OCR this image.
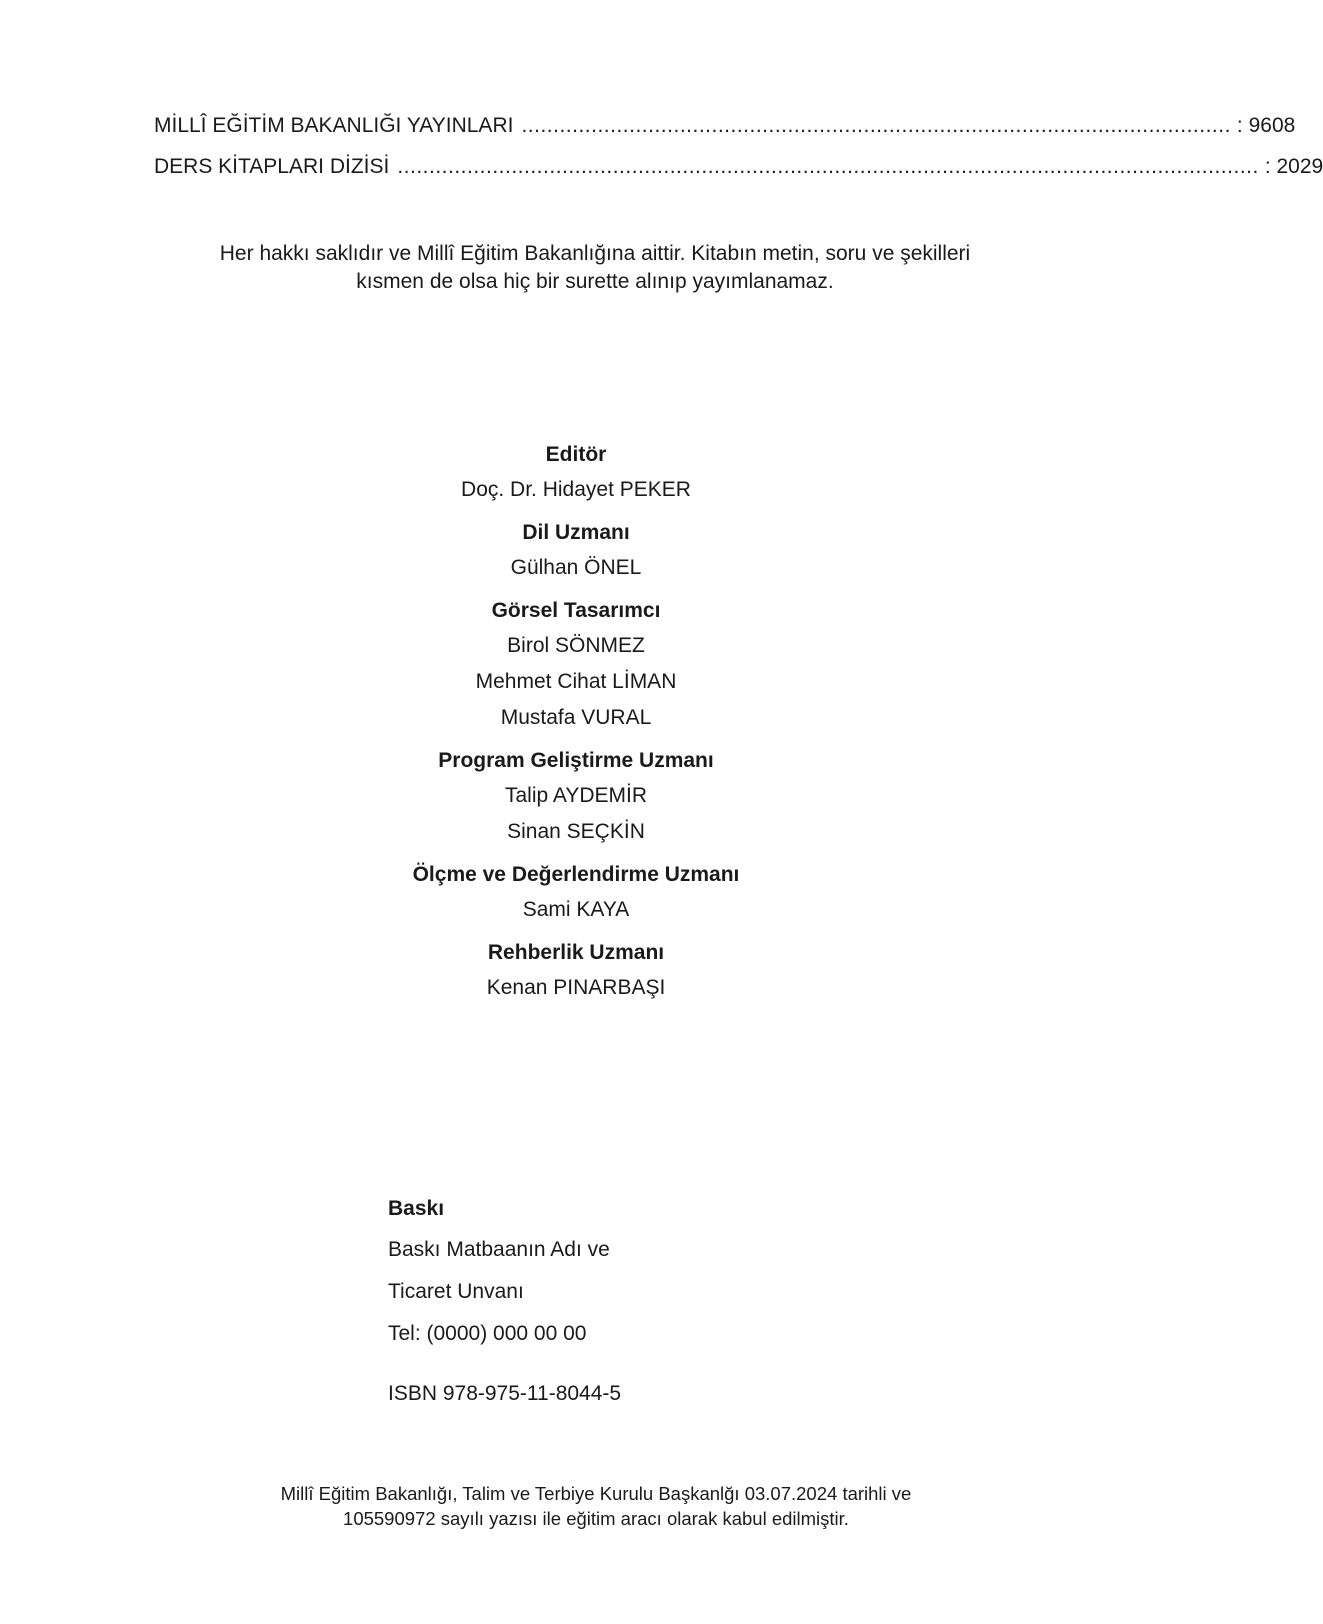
MİLLÎ EĞİTİM BAKANLIĞI YAYINLARI ................................................................................................................ : 9608
DERS KİTAPLARI DİZİSİ ........................................................................................................................................ : 2029
Her hakkı saklıdır ve Millî Eğitim Bakanlığına aittir. Kitabın metin, soru ve şekilleri
kısmen de olsa hiç bir surette alınıp yayımlanamaz.
Editör
Doç. Dr. Hidayet PEKER
Dil Uzmanı
Gülhan ÖNEL
Görsel Tasarımcı
Birol SÖNMEZ
Mehmet Cihat LİMAN
Mustafa VURAL
Program Geliştirme Uzmanı
Talip AYDEMİR
Sinan SEÇKİN
Ölçme ve Değerlendirme Uzmanı
Sami KAYA
Rehberlik Uzmanı
Kenan PINARBAŞI
Baskı
Baskı Matbaanın Adı ve
Ticaret Unvanı
Tel: (0000) 000 00 00
ISBN 978-975-11-8044-5
Millî Eğitim Bakanlığı, Talim ve Terbiye Kurulu Başkanlğı 03.07.2024 tarihli ve
105590972 sayılı yazısı ile eğitim aracı olarak kabul edilmiştir.
